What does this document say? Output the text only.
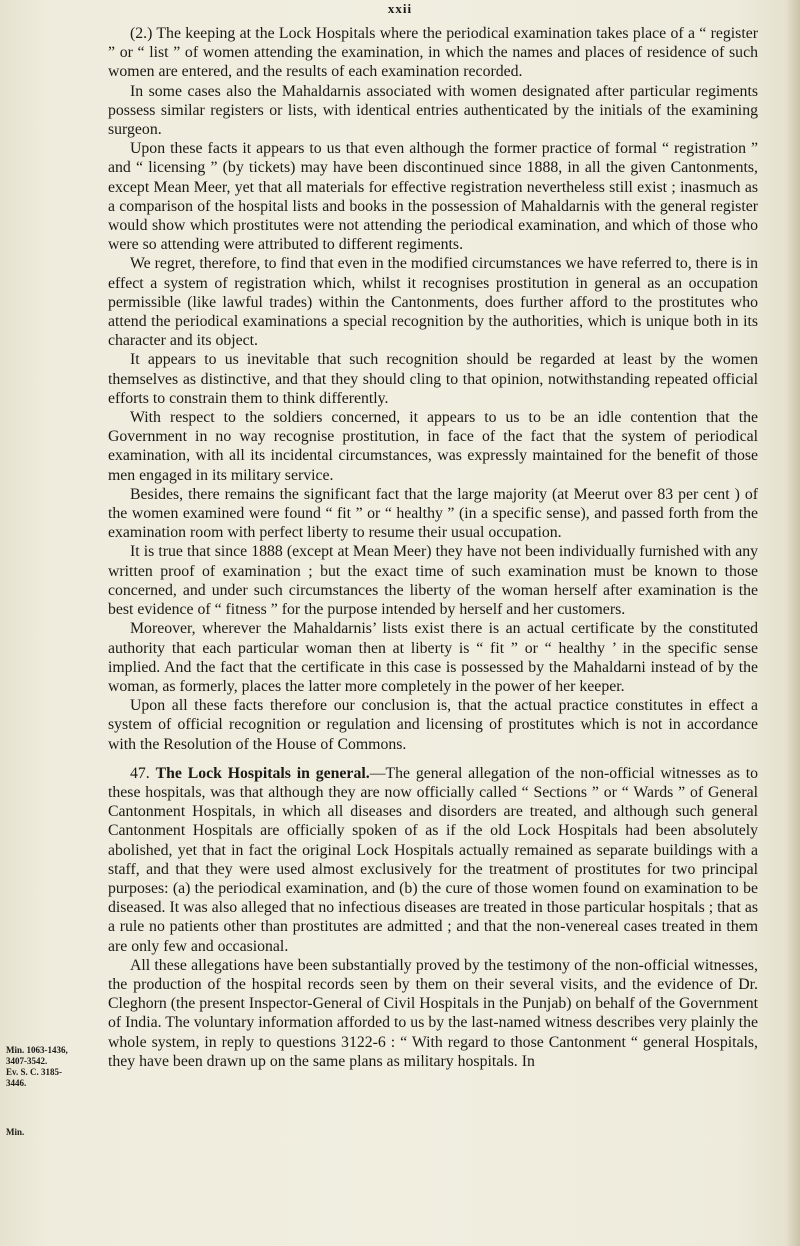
xxii

(2.) The keeping at the Lock Hospitals where the periodical examination takes place of a “ register ” or “ list ” of women attending the examination, in which the names and places of residence of such women are entered, and the results of each examination recorded.

In some cases also the Mahaldarnis associated with women designated after particular regiments possess similar registers or lists, with identical entries authenticated by the initials of the examining surgeon.

Upon these facts it appears to us that even although the former practice of formal “ registration ” and “ licensing ” (by tickets) may have been discontinued since 1888, in all the given Cantonments, except Mean Meer, yet that all materials for effective registration nevertheless still exist ; inasmuch as a comparison of the hospital lists and books in the possession of Mahaldarnis with the general register would show which prostitutes were not attending the periodical examination, and which of those who were so attending were attributed to different regiments.

We regret, therefore, to find that even in the modified circumstances we have referred to, there is in effect a system of registration which, whilst it recognises prostitution in general as an occupation permissible (like lawful trades) within the Cantonments, does further afford to the prostitutes who attend the periodical examinations a special recognition by the authorities, which is unique both in its character and its object.

It appears to us inevitable that such recognition should be regarded at least by the women themselves as distinctive, and that they should cling to that opinion, notwithstanding repeated official efforts to constrain them to think differently.

With respect to the soldiers concerned, it appears to us to be an idle contention that the Government in no way recognise prostitution, in face of the fact that the system of periodical examination, with all its incidental circumstances, was expressly maintained for the benefit of those men engaged in its military service.

Besides, there remains the significant fact that the large majority (at Meerut over 83 per cent ) of the women examined were found “ fit ” or “ healthy ” (in a specific sense), and passed forth from the examination room with perfect liberty to resume their usual occupation.

It is true that since 1888 (except at Mean Meer) they have not been individually furnished with any written proof of examination ; but the exact time of such examination must be known to those concerned, and under such circumstances the liberty of the woman herself after examination is the best evidence of “ fitness ” for the purpose intended by herself and her customers.

Moreover, wherever the Mahaldarnis’ lists exist there is an actual certificate by the constituted authority that each particular woman then at liberty is “ fit ” or “ healthy ’ in the specific sense implied. And the fact that the certificate in this case is possessed by the Mahaldarni instead of by the woman, as formerly, places the latter more completely in the power of her keeper.

Upon all these facts therefore our conclusion is, that the actual practice constitutes in effect a system of official recognition or regulation and licensing of prostitutes which is not in accordance with the Resolution of the House of Commons.

47. The Lock Hospitals in general.—The general allegation of the non-official witnesses as to these hospitals, was that although they are now officially called “ Sections ” or “ Wards ” of General Cantonment Hospitals, in which all diseases and disorders are treated, and although such general Cantonment Hospitals are officially spoken of as if the old Lock Hospitals had been absolutely abolished, yet that in fact the original Lock Hospitals actually remained as separate buildings with a staff, and that they were used almost exclusively for the treatment of prostitutes for two principal purposes: (a) the periodical examination, and (b) the cure of those women found on examination to be diseased. It was also alleged that no infectious diseases are treated in those particular hospitals ; that as a rule no patients other than prostitutes are admitted ; and that the non-venereal cases treated in them are only few and occasional.

All these allegations have been substantially proved by the testimony of the non-official witnesses, the production of the hospital records seen by them on their several visits, and the evidence of Dr. Cleghorn (the present Inspector-General of Civil Hospitals in the Punjab) on behalf of the Government of India. The voluntary information afforded to us by the last-named witness describes very plainly the whole system, in reply to questions 3122-6 : “ With regard to those Cantonment “ general Hospitals, they have been drawn up on the same plans as military hospitals. In

Min. 1063-1436,
3407-3542.
Ev. S. C. 3185-
3446.
Min.
